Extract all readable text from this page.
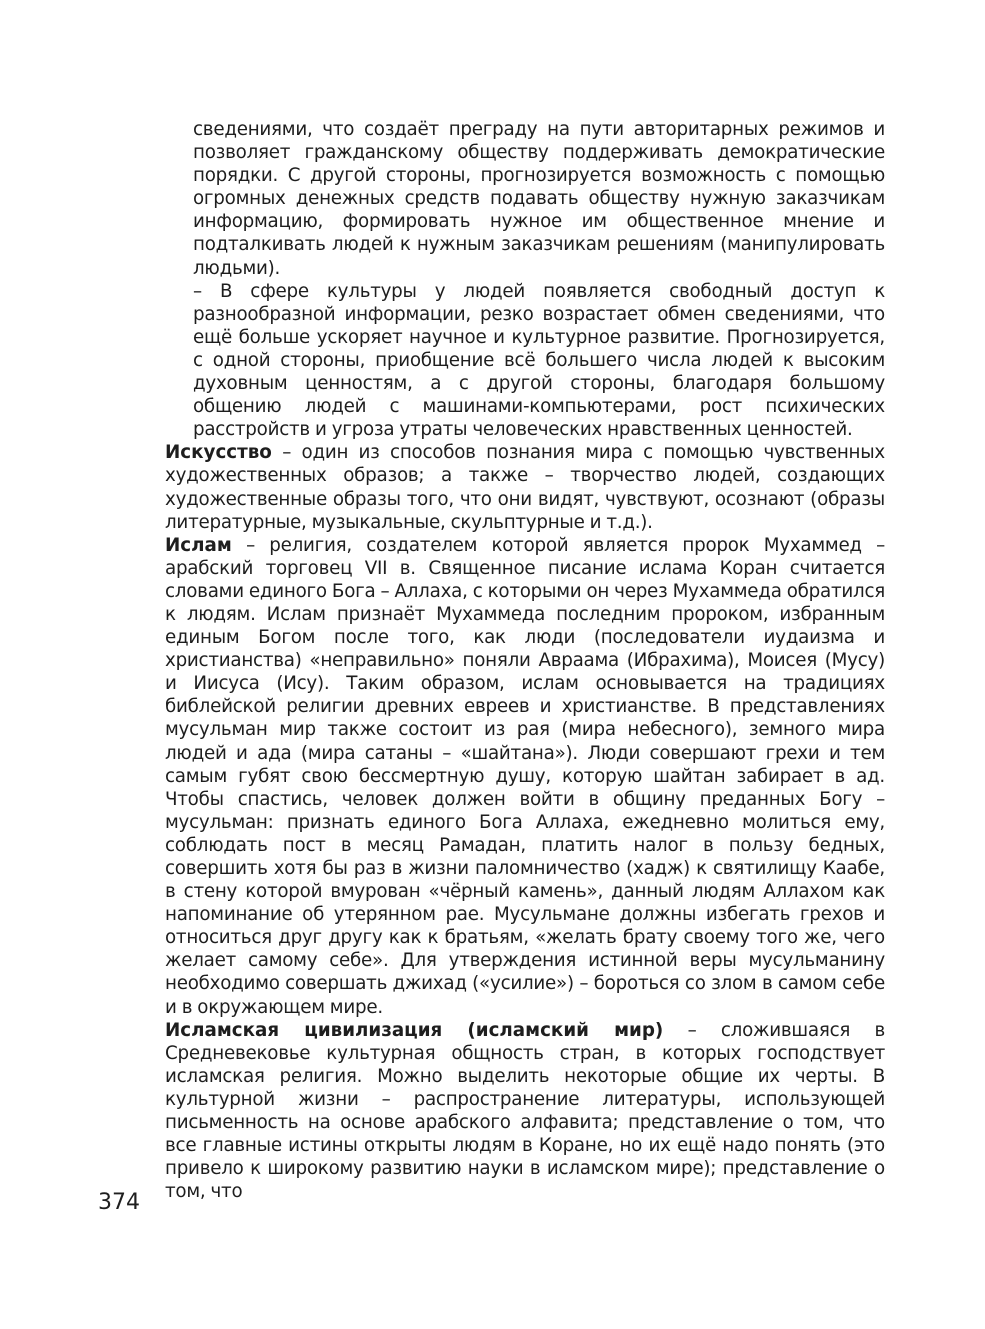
сведениями, что создаёт преграду на пути авторитарных режимов и позволяет гражданскому обществу поддерживать демократические порядки. С другой стороны, прогнозируется возможность с помощью огромных денежных средств подавать обществу нужную заказчикам информацию, формировать нужное им общественное мнение и подталкивать людей к нужным заказчикам решениям (манипулировать людьми).

– В сфере культуры у людей появляется свободный доступ к разнообразной информации, резко возрастает обмен сведениями, что ещё больше ускоряет научное и культурное развитие. Прогнозируется, с одной стороны, приобщение всё большего числа людей к высоким духовным ценностям, а с другой стороны, благодаря большому общению людей с машинами-компьютерами, рост психических расстройств и угроза утраты человеческих нравственных ценностей.

Искусство – один из способов познания мира с помощью чувственных художественных образов; а также – творчество людей, создающих художественные образы того, что они видят, чувствуют, осознают (образы литературные, музыкальные, скульптурные и т.д.).

Ислам – религия, создателем которой является пророк Мухаммед – арабский торговец VII в. Священное писание ислама Коран считается словами единого Бога – Аллаха, с которыми он через Мухаммеда обратился к людям. Ислам признаёт Мухаммеда последним пророком, избранным единым Богом после того, как люди (последователи иудаизма и христианства) «неправильно» поняли Авраама (Ибрахима), Моисея (Мусу) и Иисуса (Ису). Таким образом, ислам основывается на традициях библейской религии древних евреев и христианстве. В представлениях мусульман мир также состоит из рая (мира небесного), земного мира людей и ада (мира сатаны – «шайтана»). Люди совершают грехи и тем самым губят свою бессмертную душу, которую шайтан забирает в ад. Чтобы спастись, человек должен войти в общину преданных Богу – мусульман: признать единого Бога Аллаха, ежедневно молиться ему, соблюдать пост в месяц Рамадан, платить налог в пользу бедных, совершить хотя бы раз в жизни паломничество (хадж) к святилищу Каабе, в стену которой вмурован «чёрный камень», данный людям Аллахом как напоминание об утерянном рае. Мусульмане должны избегать грехов и относиться друг другу как к братьям, «желать брату своему того же, чего желает самому себе». Для утверждения истинной веры мусульманину необходимо совершать джихад («усилие») – бороться со злом в самом себе и в окружающем мире.

Исламская цивилизация (исламский мир) – сложившаяся в Средневековье культурная общность стран, в которых господствует исламская религия. Можно выделить некоторые общие их черты. В культурной жизни – распространение литературы, использующей письменность на основе арабского алфавита; представление о том, что все главные истины открыты людям в Коране, но их ещё надо понять (это привело к широкому развитию науки в исламском мире); представление о том, что

374
